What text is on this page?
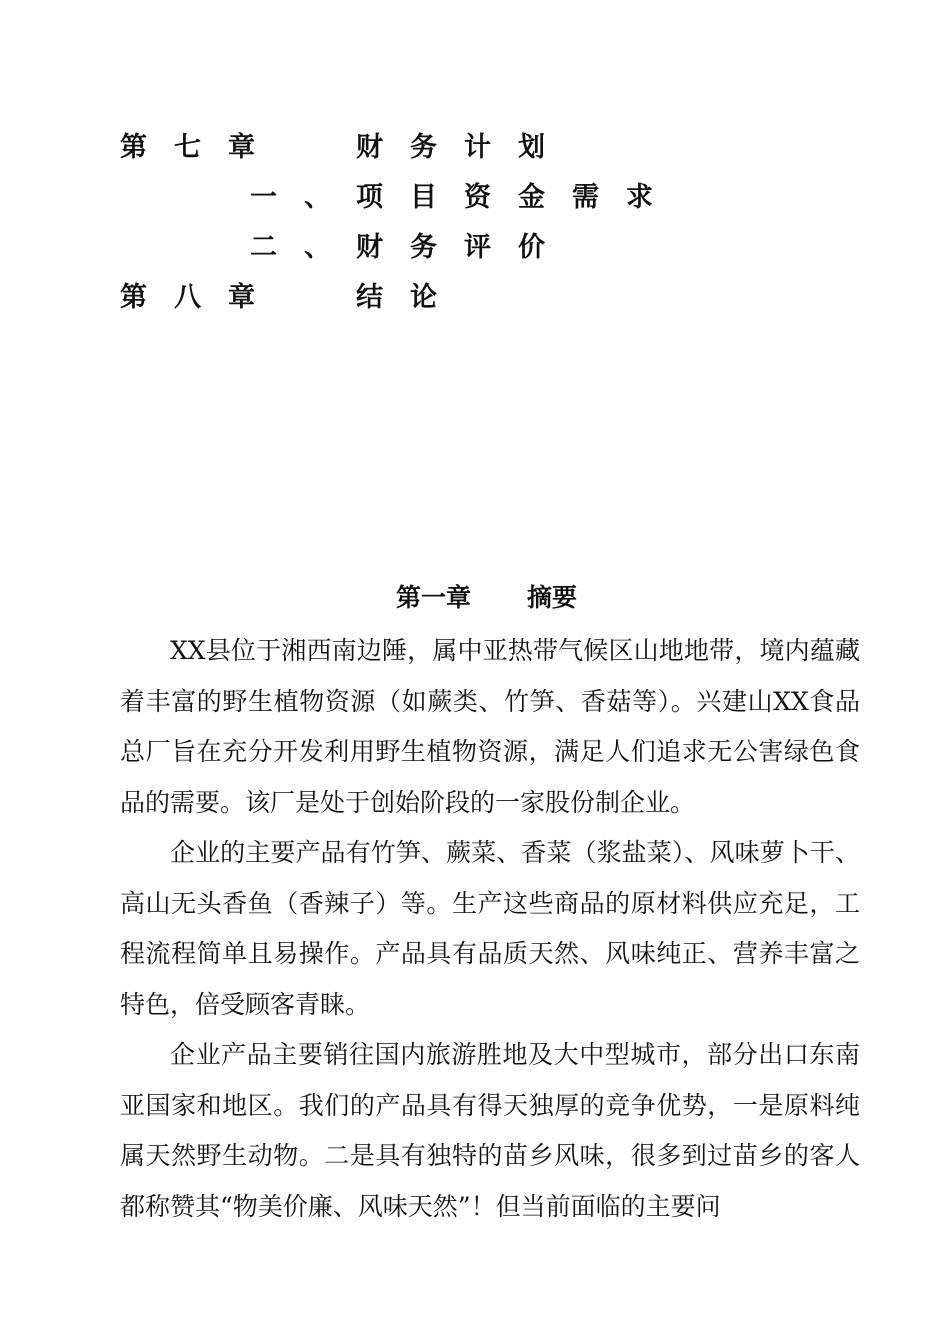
第七章	财务计划
一、
项目资金需求
二、
财务评价
第八章	结论
第一章 摘要

XX县位于湘西南边陲，属中亚热带气候区山地地带，境内蕴藏着丰富的野生植物资源（如蕨类、竹笋、香菇等）。兴建山XX食品总厂旨在充分开发利用野生植物资源，满足人们追求无公害绿色食品的需要。该厂是处于创始阶段的一家股份制企业。

企业的主要产品有竹笋、蕨菜、香菜（浆盐菜）、风味萝卜干、高山无头香鱼（香辣子）等。生产这些商品的原材料供应充足，工程流程简单且易操作。产品具有品质天然、风味纯正、营养丰富之特色，倍受顾客青睐。

企业产品主要销往国内旅游胜地及大中型城市，部分出口东南亚国家和地区。我们的产品具有得天独厚的竞争优势，一是原料纯属天然野生动物。二是具有独特的苗乡风味，很多到过苗乡的客人都称赞其“物美价廉、风味天然”！但当前面临的主要问
